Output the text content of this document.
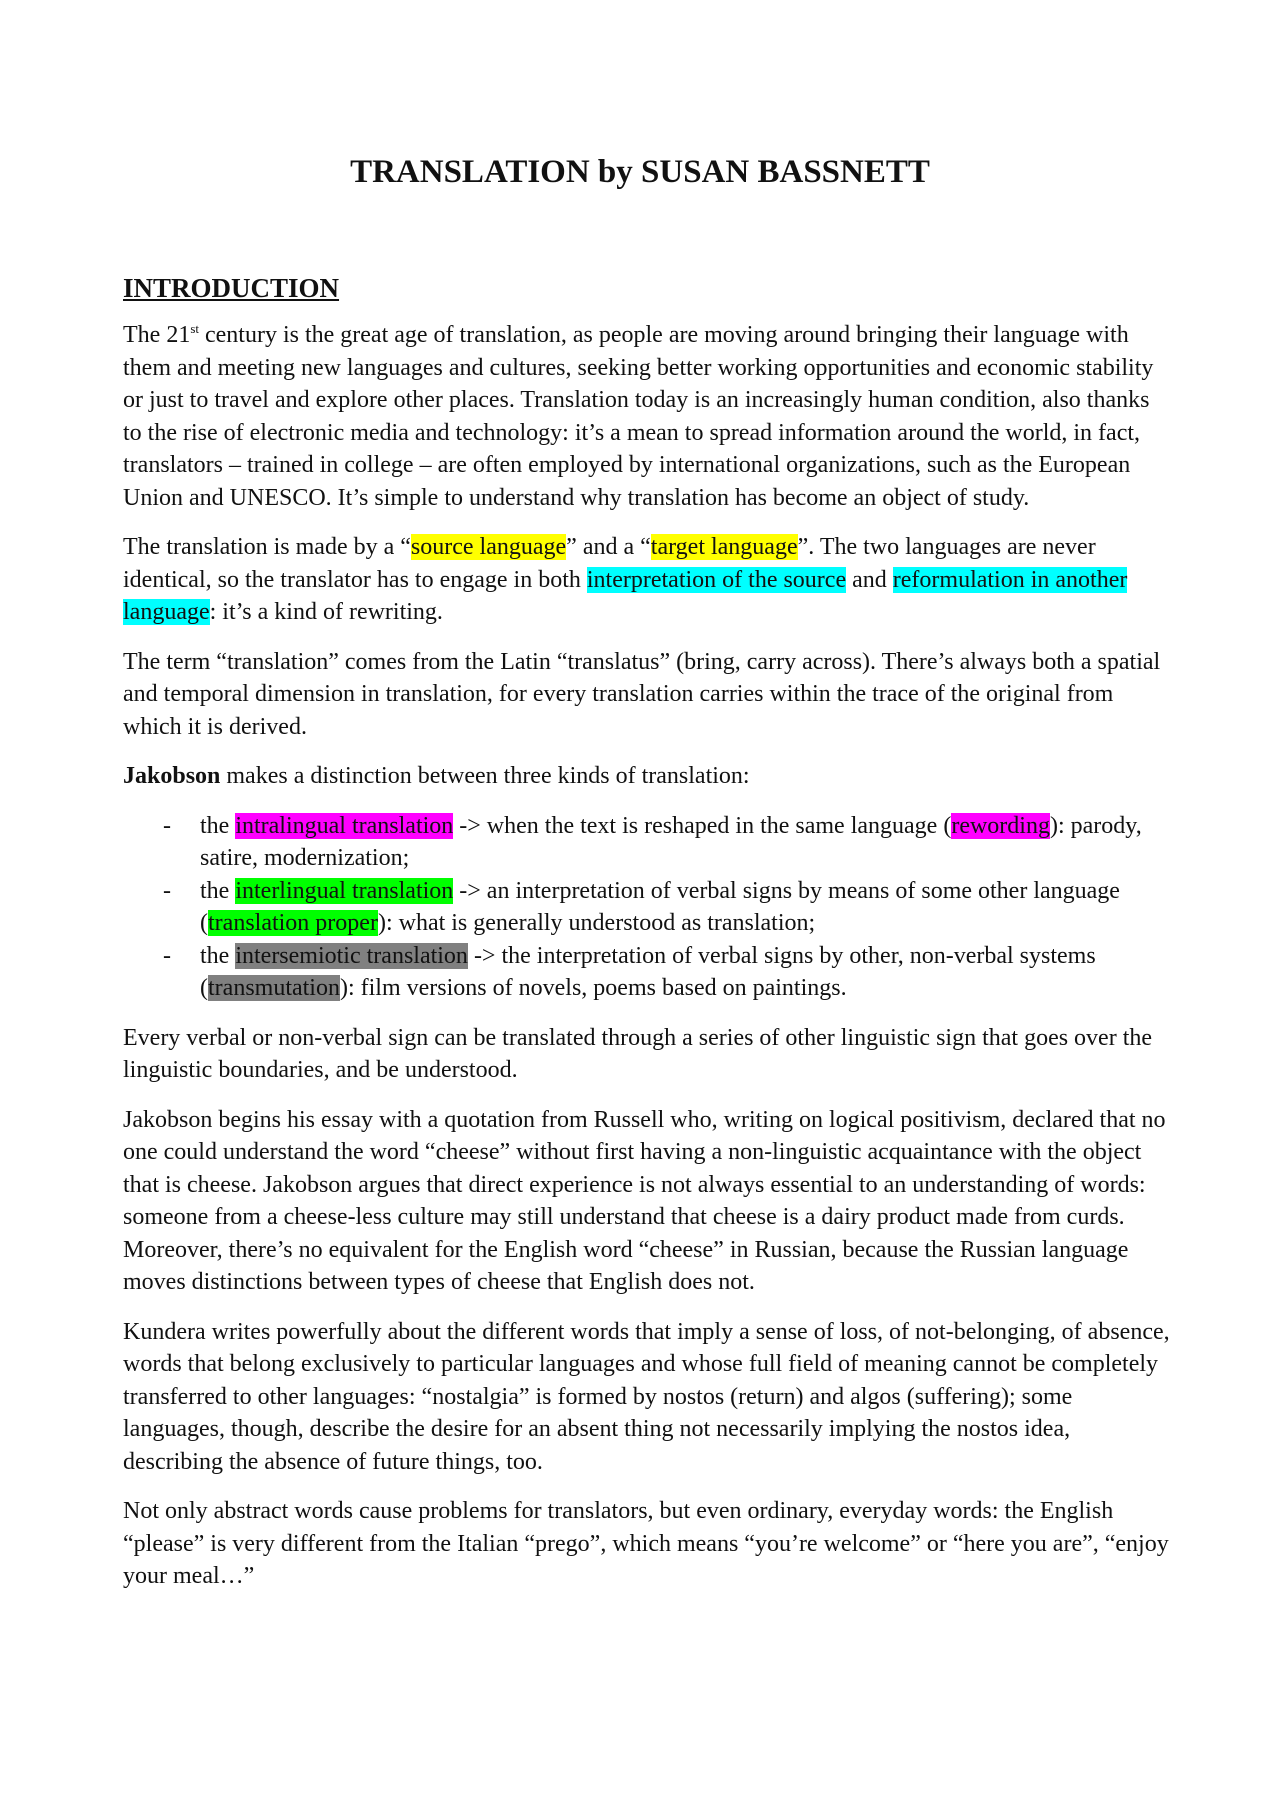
TRANSLATION by SUSAN BASSNETT
INTRODUCTION

The 21st century is the great age of translation, as people are moving around bringing their language with them and meeting new languages and cultures, seeking better working opportunities and economic stability or just to travel and explore other places. Translation today is an increasingly human condition, also thanks to the rise of electronic media and technology: it’s a mean to spread information around the world, in fact, translators – trained in college – are often employed by international organizations, such as the European Union and UNESCO. It’s simple to understand why translation has become an object of study.

The translation is made by a “source language” and a “target language”. The two languages are never identical, so the translator has to engage in both interpretation of the source and reformulation in another language: it’s a kind of rewriting.

The term “translation” comes from the Latin “translatus” (bring, carry across). There’s always both a spatial and temporal dimension in translation, for every translation carries within the trace of the original from which it is derived.

Jakobson makes a distinction between three kinds of translation:

- the intralingual translation -> when the text is reshaped in the same language (rewording): parody, satire, modernization;
- the interlingual translation -> an interpretation of verbal signs by means of some other language (translation proper): what is generally understood as translation;
- the intersemiotic translation -> the interpretation of verbal signs by other, non-verbal systems (transmutation): film versions of novels, poems based on paintings.

Every verbal or non-verbal sign can be translated through a series of other linguistic sign that goes over the linguistic boundaries, and be understood.

Jakobson begins his essay with a quotation from Russell who, writing on logical positivism, declared that no one could understand the word “cheese” without first having a non-linguistic acquaintance with the object that is cheese. Jakobson argues that direct experience is not always essential to an understanding of words: someone from a cheese-less culture may still understand that cheese is a dairy product made from curds. Moreover, there’s no equivalent for the English word “cheese” in Russian, because the Russian language moves distinctions between types of cheese that English does not.

Kundera writes powerfully about the different words that imply a sense of loss, of not-belonging, of absence, words that belong exclusively to particular languages and whose full field of meaning cannot be completely transferred to other languages: “nostalgia” is formed by nostos (return) and algos (suffering); some languages, though, describe the desire for an absent thing not necessarily implying the nostos idea, describing the absence of future things, too.

Not only abstract words cause problems for translators, but even ordinary, everyday words: the English “please” is very different from the Italian “prego”, which means “you’re welcome” or “here you are”, “enjoy your meal…”
